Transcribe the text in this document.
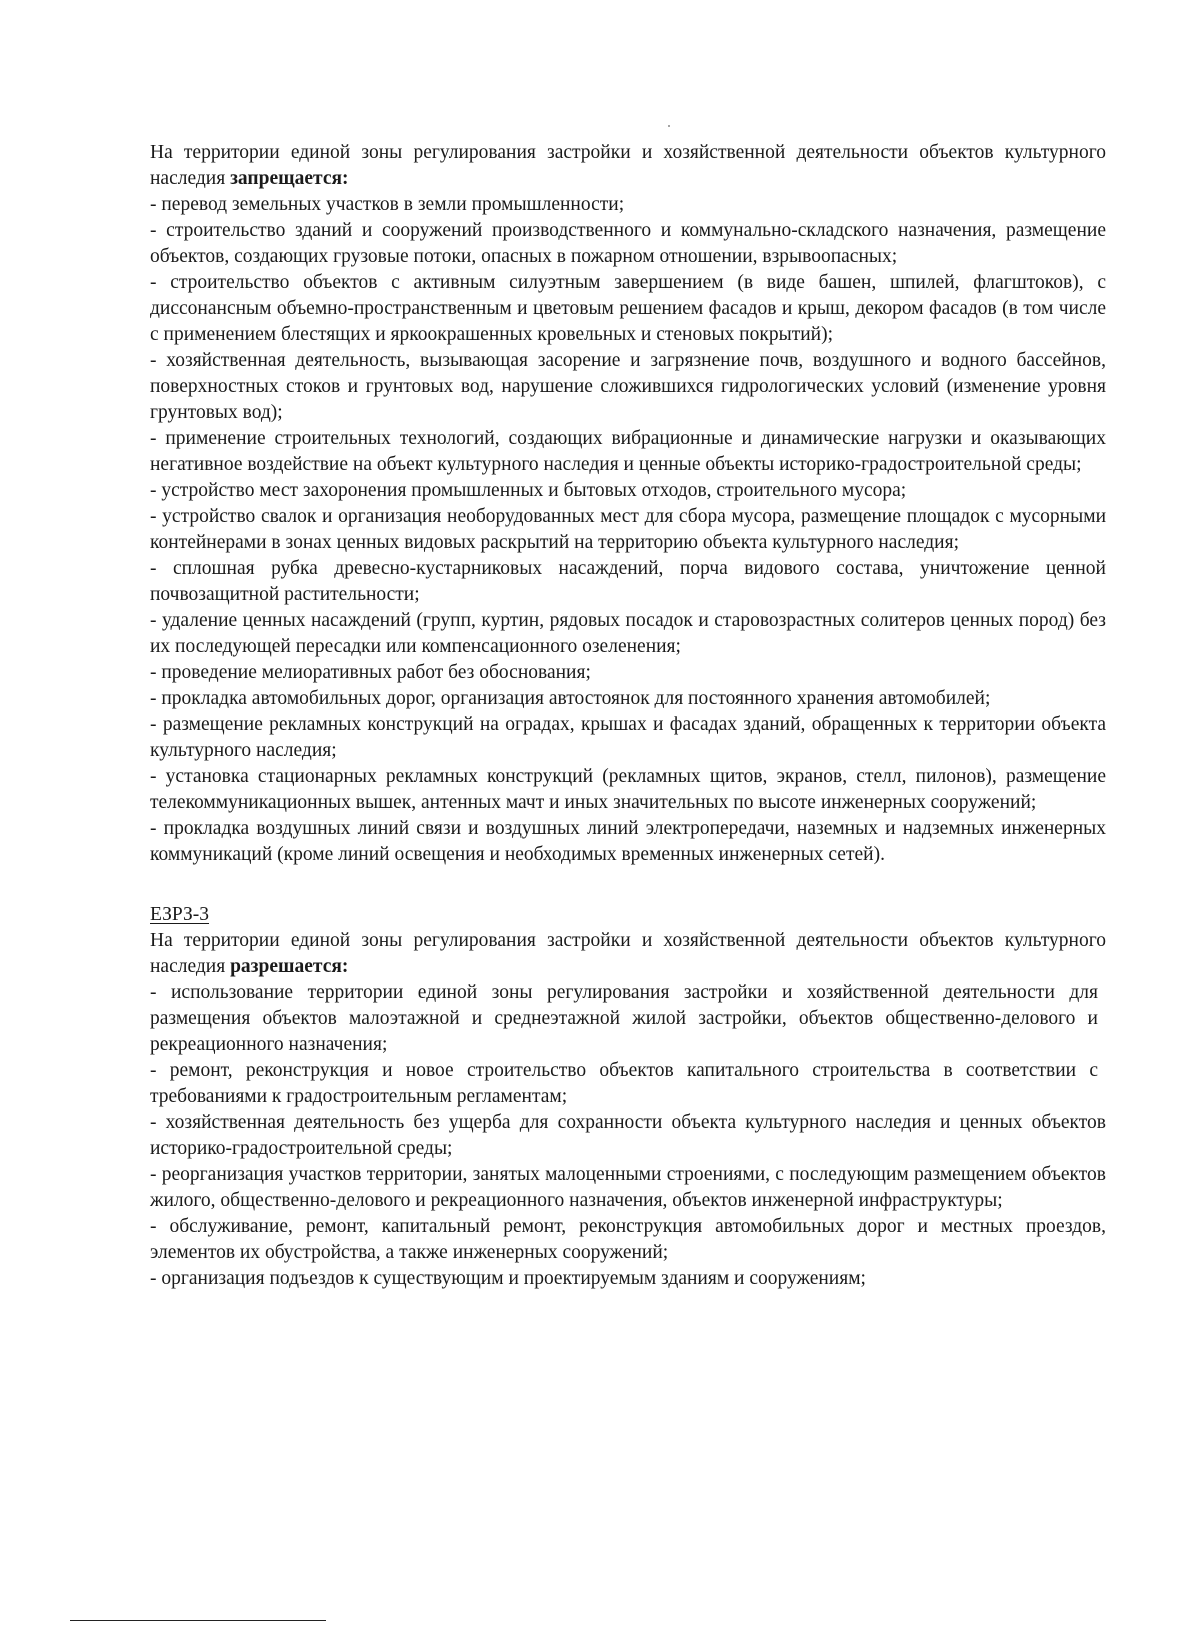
На территории единой зоны регулирования застройки и хозяйственной деятельности объектов культурного наследия запрещается:

- перевод земельных участков в земли промышленности;

- строительство зданий и сооружений производственного и коммунально-складского назначения, размещение объектов, создающих грузовые потоки, опасных в пожарном отношении, взрывоопасных;

- строительство объектов с активным силуэтным завершением (в виде башен, шпилей, флагштоков), с диссонансным объемно-пространственным и цветовым решением фасадов и крыш, декором фасадов (в том числе с применением блестящих и яркоокрашенных кровельных и стеновых покрытий);

- хозяйственная деятельность, вызывающая засорение и загрязнение почв, воздушного и водного бассейнов, поверхностных стоков и грунтовых вод, нарушение сложившихся гидрологических условий (изменение уровня грунтовых вод);

- применение строительных технологий, создающих вибрационные и динамические нагрузки и оказывающих негативное воздействие на объект культурного наследия и ценные объекты историко-градостроительной среды;

- устройство мест захоронения промышленных и бытовых отходов, строительного мусора;

- устройство свалок и организация необорудованных мест для сбора мусора, размещение площадок с мусорными контейнерами в зонах ценных видовых раскрытий на территорию объекта культурного наследия;

- сплошная рубка древесно-кустарниковых насаждений, порча видового состава, уничтожение ценной почвозащитной растительности;

- удаление ценных насаждений (групп, куртин, рядовых посадок и старовозрастных солитеров ценных пород) без их последующей пересадки или компенсационного озеленения;

- проведение мелиоративных работ без обоснования;

- прокладка автомобильных дорог, организация автостоянок для постоянного хранения автомобилей;

- размещение рекламных конструкций на оградах, крышах и фасадах зданий, обращенных к территории объекта культурного наследия;

- установка стационарных рекламных конструкций (рекламных щитов, экранов, стелл, пилонов), размещение телекоммуникационных вышек, антенных мачт и иных значительных по высоте инженерных сооружений;

- прокладка воздушных линий связи и воздушных линий электропередачи, наземных и надземных инженерных коммуникаций (кроме линий освещения и необходимых временных инженерных сетей).

ЕЗРЗ-3

На территории единой зоны регулирования застройки и хозяйственной деятельности объектов культурного наследия разрешается:

- использование территории единой зоны регулирования застройки и хозяйственной деятельности для размещения объектов малоэтажной и среднеэтажной жилой застройки, объектов общественно-делового и рекреационного назначения;

- ремонт, реконструкция и новое строительство объектов капитального строительства в соответствии с требованиями к градостроительным регламентам;

- хозяйственная деятельность без ущерба для сохранности объекта культурного наследия и ценных объектов историко-градостроительной среды;

- реорганизация участков территории, занятых малоценными строениями, с последующим размещением объектов жилого, общественно-делового и рекреационного назначения, объектов инженерной инфраструктуры;

- обслуживание, ремонт, капитальный ремонт, реконструкция автомобильных дорог и местных проездов, элементов их обустройства, а также инженерных сооружений;

- организация подъездов к существующим и проектируемым зданиям и сооружениям;
